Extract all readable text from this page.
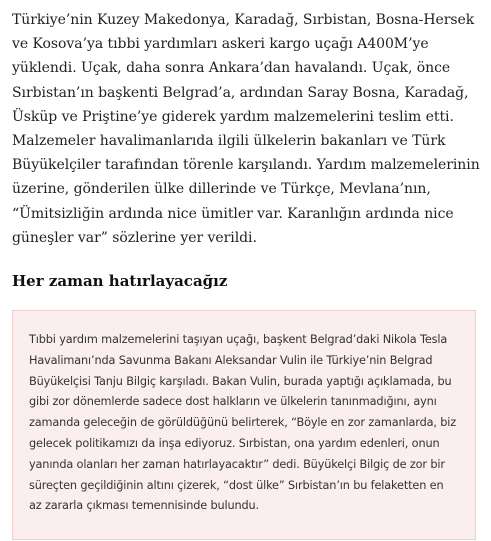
Türkiye’nin Kuzey Makedonya, Karadağ, Sırbistan, Bosna-Hersek ve Kosova’ya tıbbi yardımları askeri kargo uçağı A400M’ye yüklendi. Uçak, daha sonra Ankara’dan havalandı. Uçak, önce Sırbistan’ın başkenti Belgrad’a, ardından Saray Bosna, Karadağ, Üsküp ve Priştine’ye giderek yardım malzemelerini teslim etti. Malzemeler havalimanlarıda ilgili ülkelerin bakanları ve Türk Büyükelçiler tarafından törenle karşılandı. Yardım malzemelerinin üzerine, gönderilen ülke dillerinde ve Türkçe, Mevlana’nın, “Ümitsizliğin ardında nice ümitler var. Karanlığın ardında nice güneşler var” sözlerine yer verildi.

Her zaman hatırlayacağız

Tıbbi yardım malzemelerini taşıyan uçağı, başkent Belgrad’daki Nikola Tesla Havalimanı’nda Savunma Bakanı Aleksandar Vulin ile Türkiye’nin Belgrad Büyükelçisi Tanju Bilgiç karşıladı. Bakan Vulin, burada yaptığı açıklamada, bu gibi zor dönemlerde sadece dost halkların ve ülkelerin tanınmadığını, aynı zamanda geleceğin de görüldüğünü belirterek, “Böyle en zor zamanlarda, biz gelecek politikamızı da inşa ediyoruz. Sırbistan, ona yardım edenleri, onun yanında olanları her zaman hatırlayacaktır” dedi. Büyükelçi Bilgiç de zor bir süreçten geçildiğinin altını çizerek, “dost ülke” Sırbistan’ın bu felaketten en az zararla çıkması temennisinde bulundu.
